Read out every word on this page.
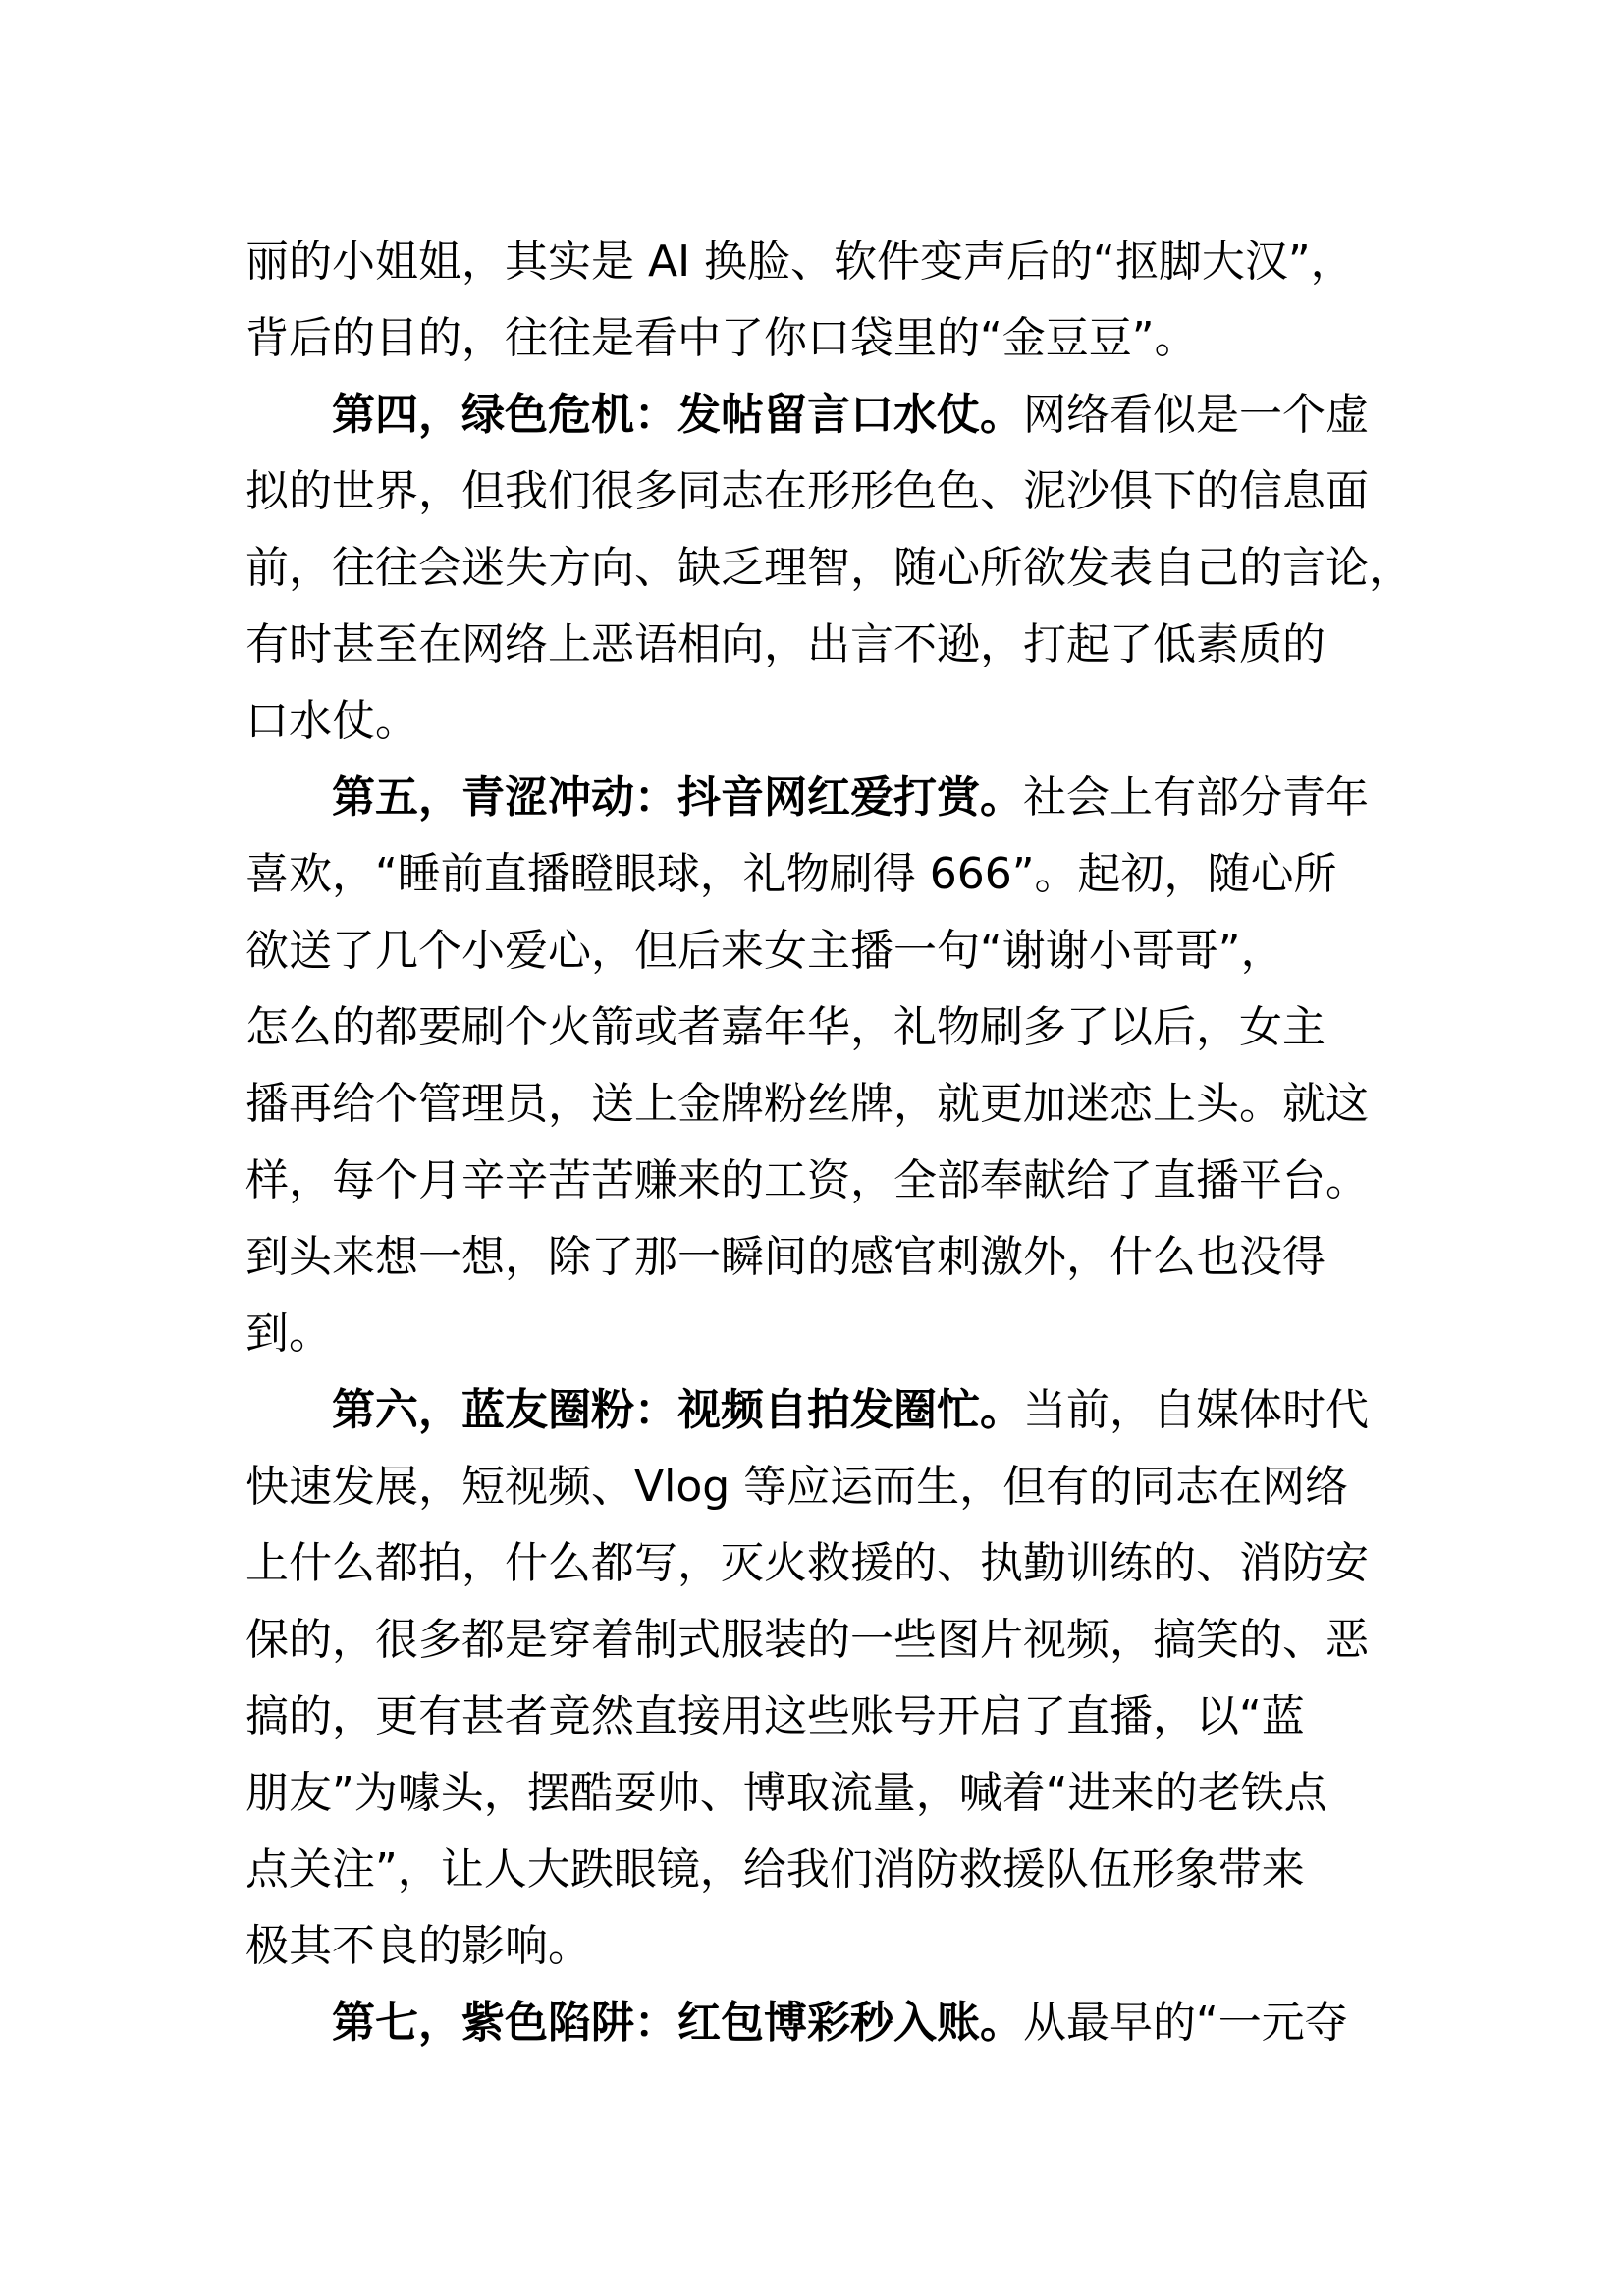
丽的小姐姐，其实是 AI 换脸、软件变声后的“抠脚大汉”，
背后的目的，往往是看中了你口袋里的“金豆豆”。
第四，绿色危机：发帖留言口水仗。网络看似是一个虚
拟的世界，但我们很多同志在形形色色、泥沙俱下的信息面
前，往往会迷失方向、缺乏理智，随心所欲发表自己的言论，
有时甚至在网络上恶语相向，出言不逊，打起了低素质的
口水仗。
第五，青涩冲动：抖音网红爱打赏。社会上有部分青年
喜欢，“睡前直播瞪眼球，礼物刷得 666”。起初，随心所
欲送了几个小爱心，但后来女主播一句“谢谢小哥哥”，
怎么的都要刷个火箭或者嘉年华，礼物刷多了以后，女主
播再给个管理员，送上金牌粉丝牌，就更加迷恋上头。就这
样，每个月辛辛苦苦赚来的工资，全部奉献给了直播平台。
到头来想一想，除了那一瞬间的感官刺激外，什么也没得
到。
第六，蓝友圈粉：视频自拍发圈忙。当前，自媒体时代
快速发展，短视频、Vlog 等应运而生，但有的同志在网络
上什么都拍，什么都写，灭火救援的、执勤训练的、消防安
保的，很多都是穿着制式服装的一些图片视频，搞笑的、恶
搞的，更有甚者竟然直接用这些账号开启了直播，以“蓝
朋友”为噱头，摆酷耍帅、博取流量，喊着“进来的老铁点
点关注”，让人大跌眼镜，给我们消防救援队伍形象带来
极其不良的影响。
第七，紫色陷阱：红包博彩秒入账。从最早的“一元夺
